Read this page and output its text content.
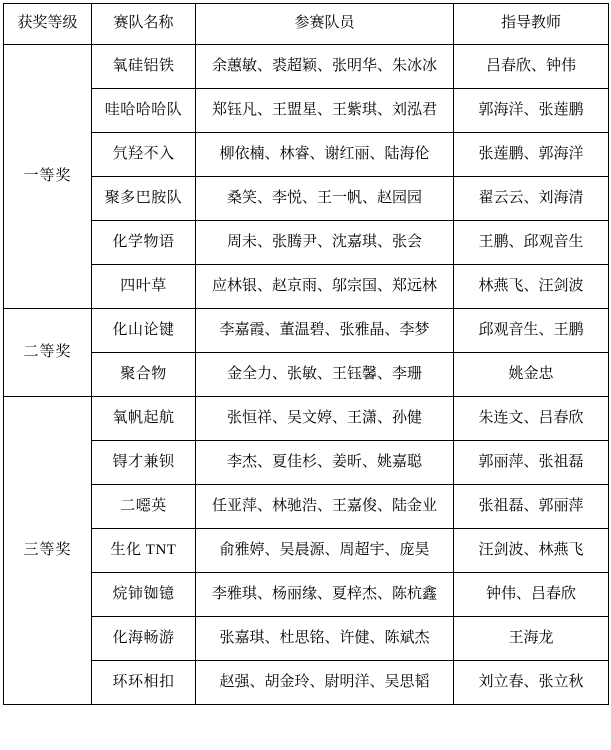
获奖等级	赛队名称	参赛队员	指导教师
一等奖	氧硅铝铁	余蕙敏、裘超颖、张明华、朱冰冰	吕春欣、钟伟
	哇哈哈哈队	郑钰凡、王盟星、王紫琪、刘泓君	郭海洋、张莲鹏
	氕羟不入	柳依楠、林睿、谢红丽、陆海伦	张莲鹏、郭海洋
	聚多巴胺队	桑笑、李悦、王一帆、赵园园	翟云云、刘海清
	化学物语	周未、张腾尹、沈嘉琪、张会	王鹏、邱观音生
	四叶草	应林银、赵京雨、邬宗国、郑远林	林燕飞、汪剑波
二等奖	化山论键	李嘉霞、董温碧、张雅晶、李梦	邱观音生、王鹏
	聚合物	金全力、张敏、王钰馨、李珊	姚金忠
三等奖	氧帆起航	张恒祥、吴文婷、王潇、孙健	朱连文、吕春欣
	锝才兼钡	李杰、夏佳杉、姜昕、姚嘉聪	郭丽萍、张祖磊
	二噁英	任亚萍、林驰浩、王嘉俊、陆金业	张祖磊、郭丽萍
	生化 TNT	俞雅婷、吴晨源、周超宇、庞昊	汪剑波、林燕飞
	烷铈铷镱	李雅琪、杨丽缘、夏梓杰、陈杭鑫	钟伟、吕春欣
	化海畅游	张嘉琪、杜思铭、许健、陈斌杰	王海龙
	环环相扣	赵强、胡金玲、尉明洋、吴思韬	刘立春、张立秋
